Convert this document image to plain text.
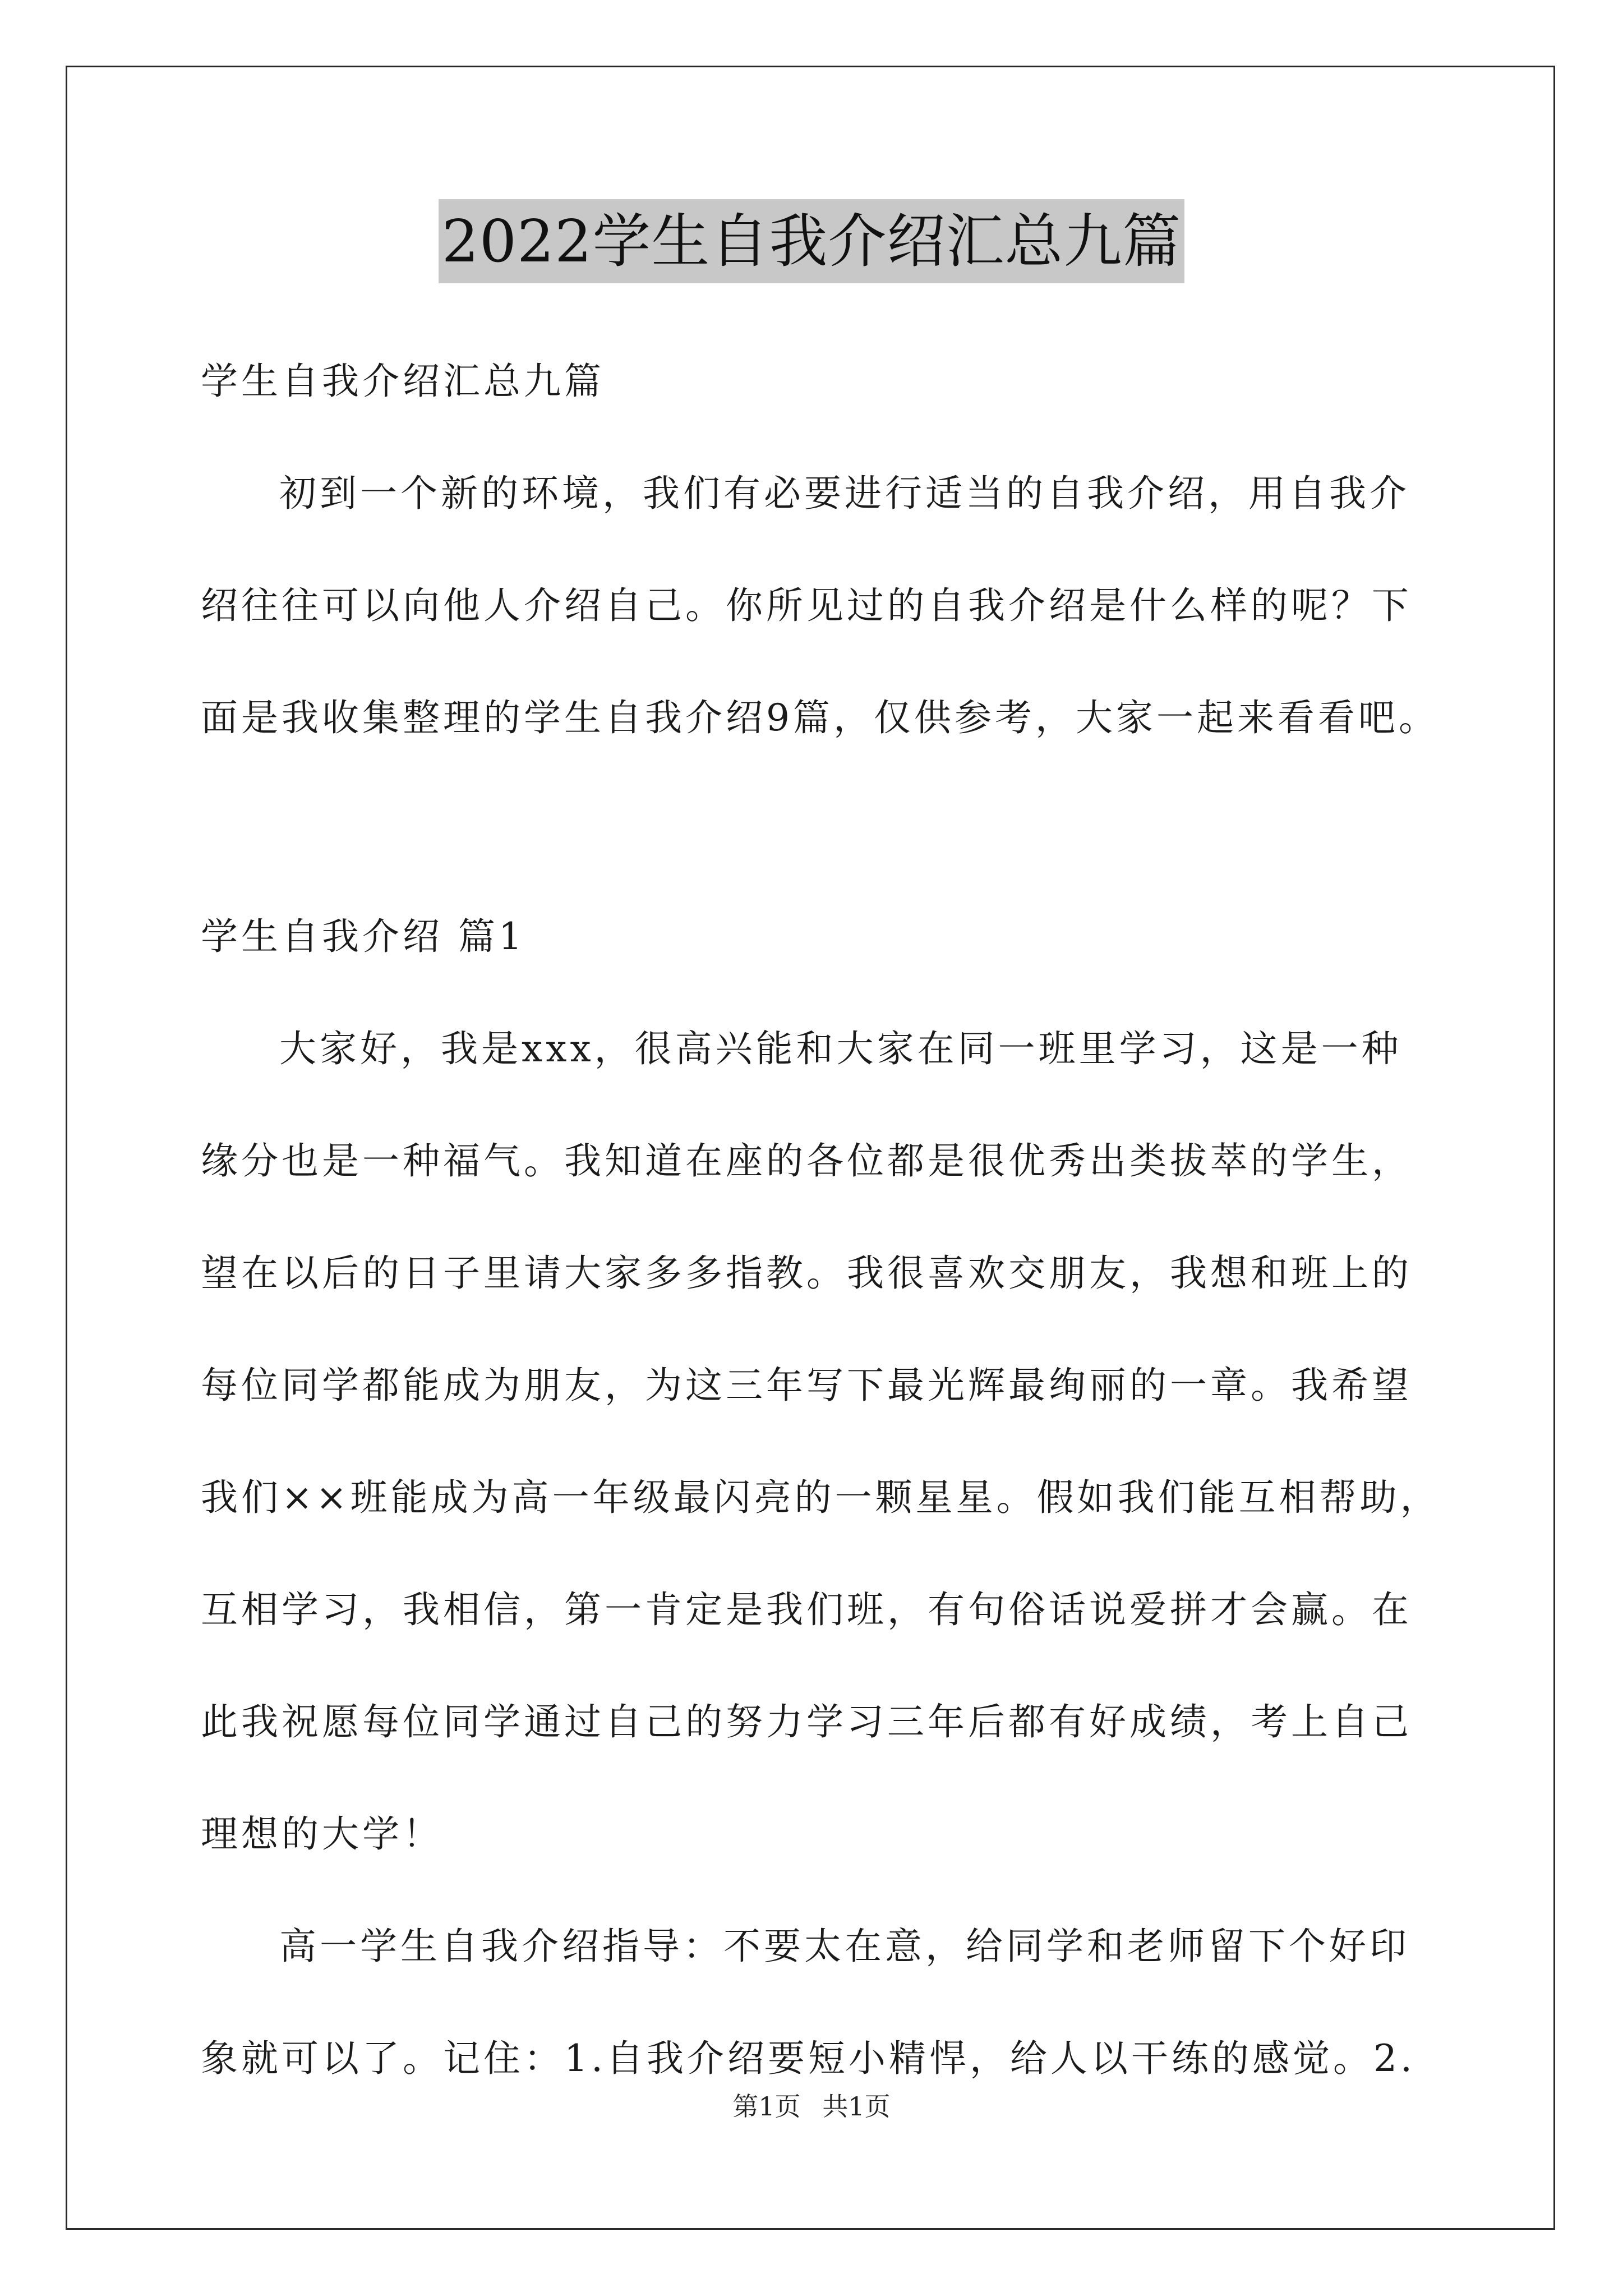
2022学生自我介绍汇总九篇
学生自我介绍汇总九篇
初到一个新的环境，我们有必要进行适当的自我介绍，用自我介
绍往往可以向他人介绍自己。你所见过的自我介绍是什么样的呢？下
面是我收集整理的学生自我介绍9篇，仅供参考，大家一起来看看吧。
学生自我介绍 篇1
大家好，我是xxx，很高兴能和大家在同一班里学习，这是一种
缘分也是一种福气。我知道在座的各位都是很优秀出类拔萃的学生，
望在以后的日子里请大家多多指教。我很喜欢交朋友，我想和班上的
每位同学都能成为朋友，为这三年写下最光辉最绚丽的一章。我希望
我们××班能成为高一年级最闪亮的一颗星星。假如我们能互相帮助，
互相学习，我相信，第一肯定是我们班，有句俗话说爱拼才会赢。在
此我祝愿每位同学通过自己的努力学习三年后都有好成绩，考上自己
理想的大学！
高一学生自我介绍指导：不要太在意，给同学和老师留下个好印
象就可以了。记住：1.自我介绍要短小精悍，给人以干练的感觉。2.
第1页 共1页
